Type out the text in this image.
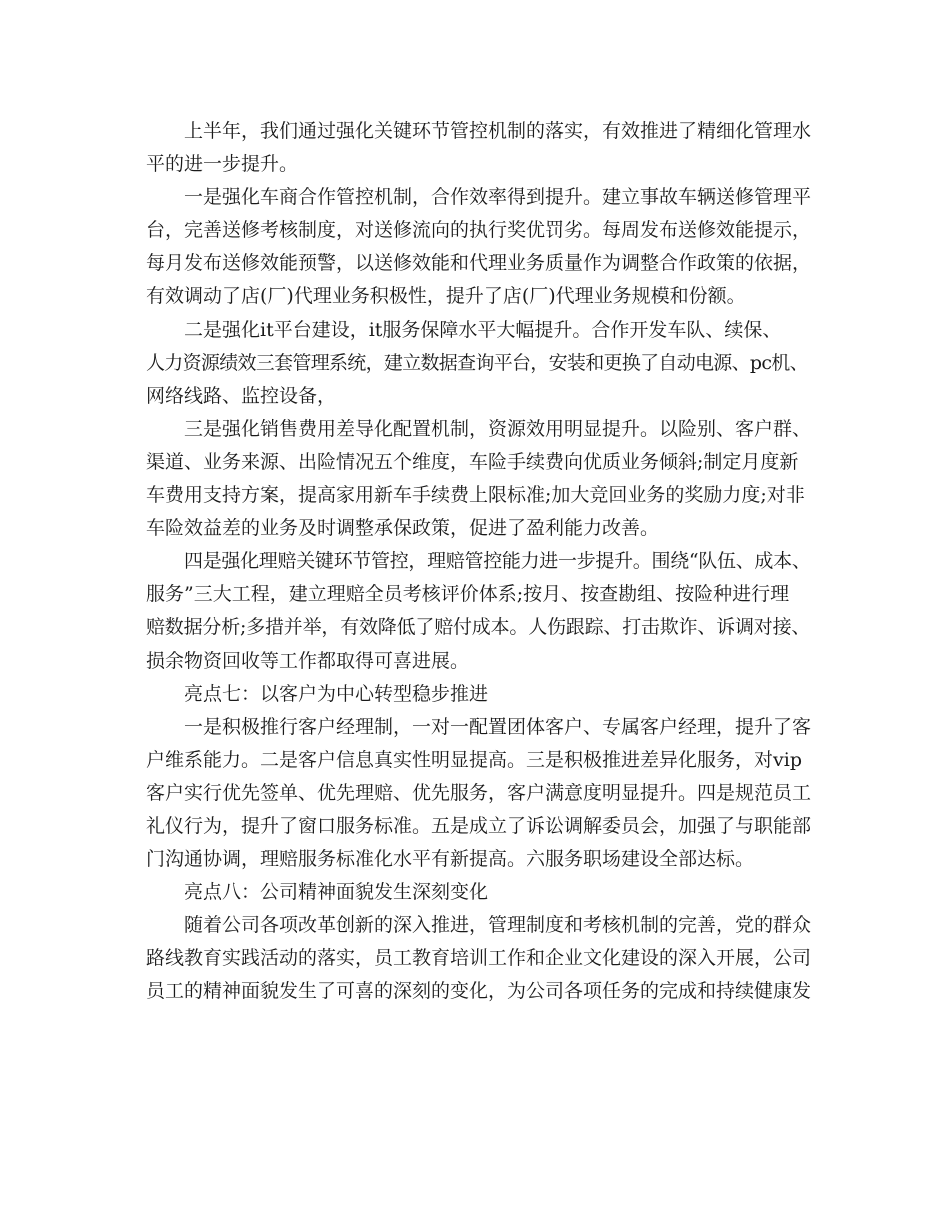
上半年，我们通过强化关键环节管控机制的落实，有效推进了精细化管理水
平的进一步提升。
一是强化车商合作管控机制，合作效率得到提升。建立事故车辆送修管理平
台，完善送修考核制度，对送修流向的执行奖优罚劣。每周发布送修效能提示，
每月发布送修效能预警，以送修效能和代理业务质量作为调整合作政策的依据，
有效调动了店(厂)代理业务积极性，提升了店(厂)代理业务规模和份额。
二是强化it平台建设，it服务保障水平大幅提升。合作开发车队、续保、
人力资源绩效三套管理系统，建立数据查询平台，安装和更换了自动电源、pc机、
网络线路、监控设备，
三是强化销售费用差导化配置机制，资源效用明显提升。以险别、客户群、
渠道、业务来源、出险情况五个维度，车险手续费向优质业务倾斜;制定月度新
车费用支持方案，提高家用新车手续费上限标准;加大竞回业务的奖励力度;对非
车险效益差的业务及时调整承保政策，促进了盈利能力改善。
四是强化理赔关键环节管控，理赔管控能力进一步提升。围绕“队伍、成本、
服务”三大工程，建立理赔全员考核评价体系;按月、按查勘组、按险种进行理
赔数据分析;多措并举，有效降低了赔付成本。人伤跟踪、打击欺诈、诉调对接、
损余物资回收等工作都取得可喜进展。
亮点七：以客户为中心转型稳步推进
一是积极推行客户经理制，一对一配置团体客户、专属客户经理，提升了客
户维系能力。二是客户信息真实性明显提高。三是积极推进差异化服务，对vip
客户实行优先签单、优先理赔、优先服务，客户满意度明显提升。四是规范员工
礼仪行为，提升了窗口服务标准。五是成立了诉讼调解委员会，加强了与职能部
门沟通协调，理赔服务标准化水平有新提高。六服务职场建设全部达标。
亮点八：公司精神面貌发生深刻变化
随着公司各项改革创新的深入推进，管理制度和考核机制的完善，党的群众
路线教育实践活动的落实，员工教育培训工作和企业文化建设的深入开展，公司
员工的精神面貌发生了可喜的深刻的变化，为公司各项任务的完成和持续健康发
